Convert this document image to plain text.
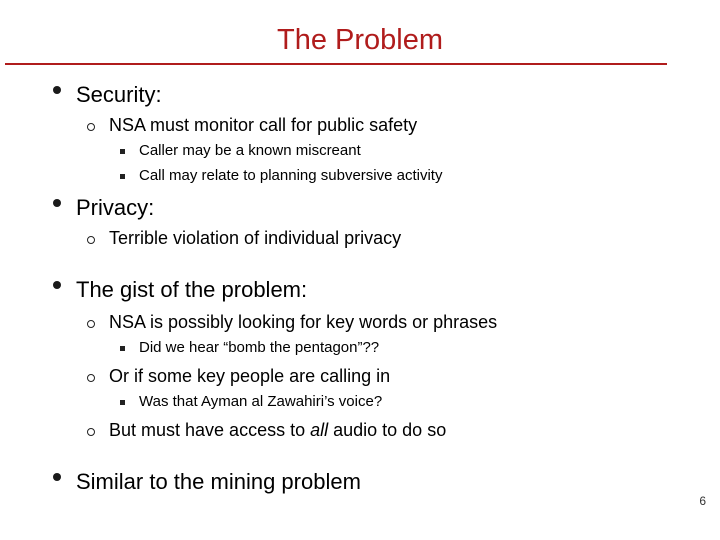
The Problem
Security:
NSA must monitor call for public safety
Caller may be a known miscreant
Call may relate to planning subversive activity
Privacy:
Terrible violation of individual privacy
The gist of the problem:
NSA is possibly looking for key words or phrases
Did we hear “bomb the pentagon”??
Or if some key people are calling in
Was that Ayman al Zawahiri’s voice?
But must have access to all audio to do so
Similar to the mining problem
6
